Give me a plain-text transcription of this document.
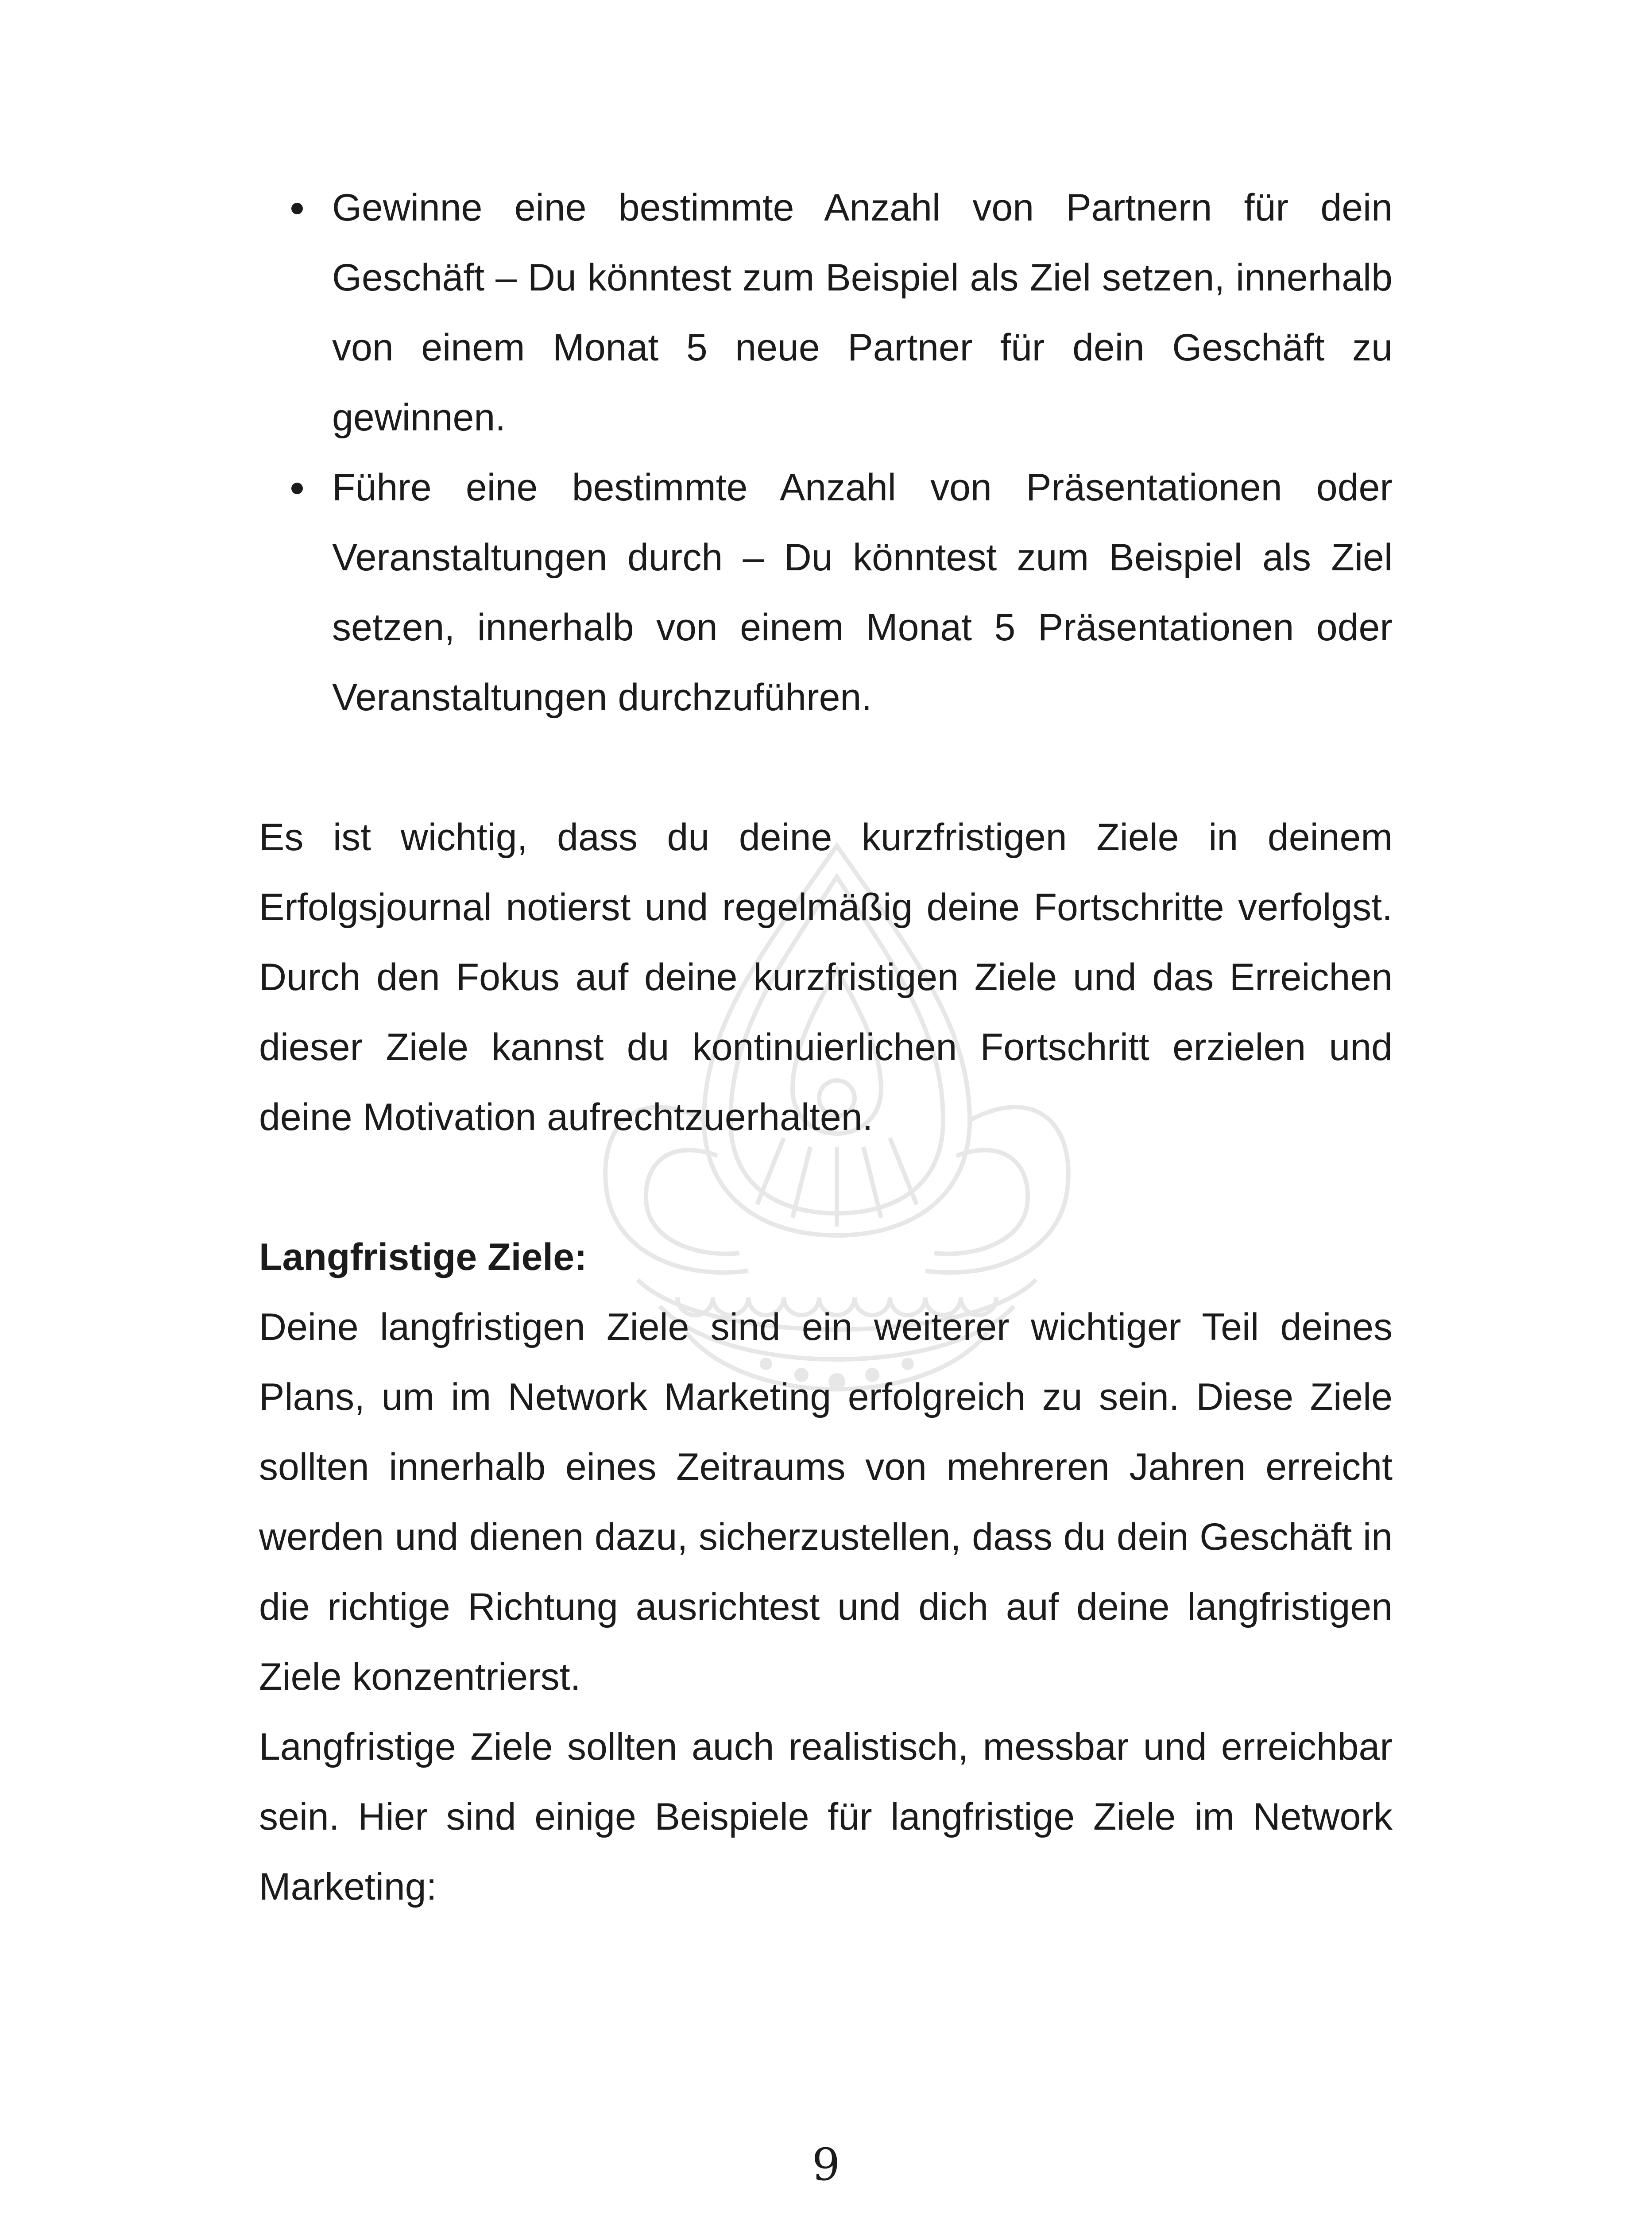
Gewinne eine bestimmte Anzahl von Partnern für dein Geschäft – Du könntest zum Beispiel als Ziel setzen, innerhalb von einem Monat 5 neue Partner für dein Geschäft zu gewinnen.
Führe eine bestimmte Anzahl von Präsentationen oder Veranstaltungen durch – Du könntest zum Beispiel als Ziel setzen, innerhalb von einem Monat 5 Präsentationen oder Veranstaltungen durchzuführen.

Es ist wichtig, dass du deine kurzfristigen Ziele in deinem Erfolgsjournal notierst und regelmäßig deine Fortschritte verfolgst. Durch den Fokus auf deine kurzfristigen Ziele und das Erreichen dieser Ziele kannst du kontinuierlichen Fortschritt erzielen und deine Motivation aufrechtzuerhalten.

Langfristige Ziele:

Deine langfristigen Ziele sind ein weiterer wichtiger Teil deines Plans, um im Network Marketing erfolgreich zu sein. Diese Ziele sollten innerhalb eines Zeitraums von mehreren Jahren erreicht werden und dienen dazu, sicherzustellen, dass du dein Geschäft in die richtige Richtung ausrichtest und dich auf deine langfristigen Ziele konzentrierst.

Langfristige Ziele sollten auch realistisch, messbar und erreichbar sein. Hier sind einige Beispiele für langfristige Ziele im Network Marketing:

9
